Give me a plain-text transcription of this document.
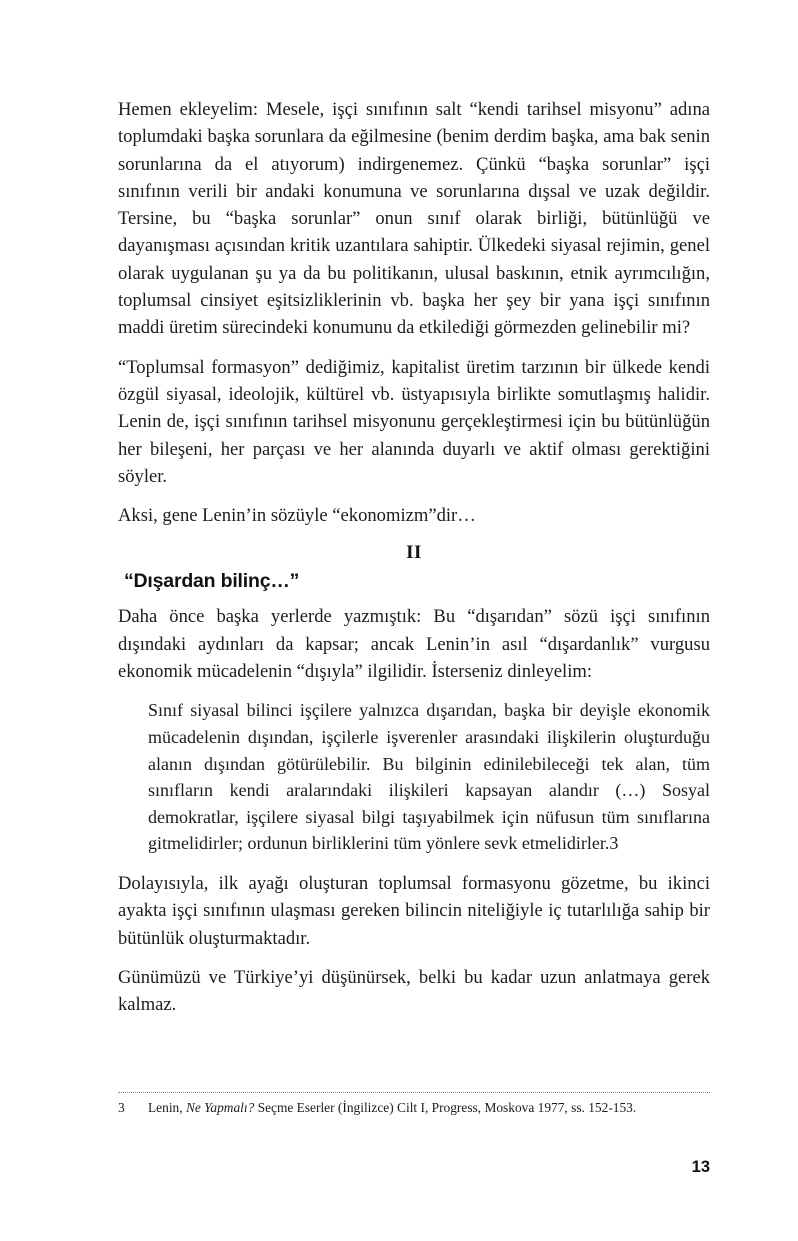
Hemen ekleyelim: Mesele, işçi sınıfının salt “kendi tarihsel misyonu” adına toplumdaki başka sorunlara da eğilmesine (benim derdim başka, ama bak senin sorunlarına da el atıyorum) indirgenemez. Çünkü “başka sorunlar” işçi sınıfının verili bir andaki konumuna ve sorunlarına dışsal ve uzak değildir. Tersine, bu “başka sorunlar” onun sınıf olarak birliği, bütünlüğü ve dayanışması açısından kritik uzantılara sahiptir. Ülkedeki siyasal rejimin, genel olarak uygulanan şu ya da bu politikanın, ulusal baskının, etnik ayrımcılığın, toplumsal cinsiyet eşitsizliklerinin vb. başka her şey bir yana işçi sınıfının maddi üretim sürecindeki konumunu da etkilediği görmezden gelinebilir mi?

“Toplumsal formasyon” dediğimiz, kapitalist üretim tarzının bir ülkede kendi özgül siyasal, ideolojik, kültürel vb. üstyapısıyla birlikte somutlaşmış halidir. Lenin de, işçi sınıfının tarihsel misyonunu gerçekleştirmesi için bu bütünlüğün her bileşeni, her parçası ve her alanında duyarlı ve aktif olması gerektiğini söyler.

Aksi, gene Lenin’in sözüyle “ekonomizm”dir…

II
“Dışardan bilinç…”

Daha önce başka yerlerde yazmıştık: Bu “dışarıdan” sözü işçi sınıfının dışındaki aydınları da kapsar; ancak Lenin’in asıl “dışardanlık” vurgusu ekonomik mücadelenin “dışıyla” ilgilidir. İsterseniz dinleyelim:

Sınıf siyasal bilinci işçilere yalnızca dışarıdan, başka bir deyişle ekonomik mücadelenin dışından, işçilerle işverenler arasındaki ilişkilerin oluşturduğu alanın dışından götürülebilir. Bu bilginin edinilebileceği tek alan, tüm sınıfların kendi aralarındaki ilişkileri kapsayan alandır (…) Sosyal demokratlar, işçilere siyasal bilgi taşıyabilmek için nüfusun tüm sınıflarına gitmelidirler; ordunun birliklerini tüm yönlere sevk etmelidirler.3

Dolayısıyla, ilk ayağı oluşturan toplumsal formasyonu gözetme, bu ikinci ayakta işçi sınıfının ulaşması gereken bilincin niteliğiyle iç tutarlılığa sahip bir bütünlük oluşturmaktadır.

Günümüzü ve Türkiye’yi düşünürsek, belki bu kadar uzun anlatmaya gerek kalmaz.

3 Lenin, Ne Yapmalı? Seçme Eserler (İngilizce) Cilt I, Progress, Moskova 1977, ss. 152-153.
13
